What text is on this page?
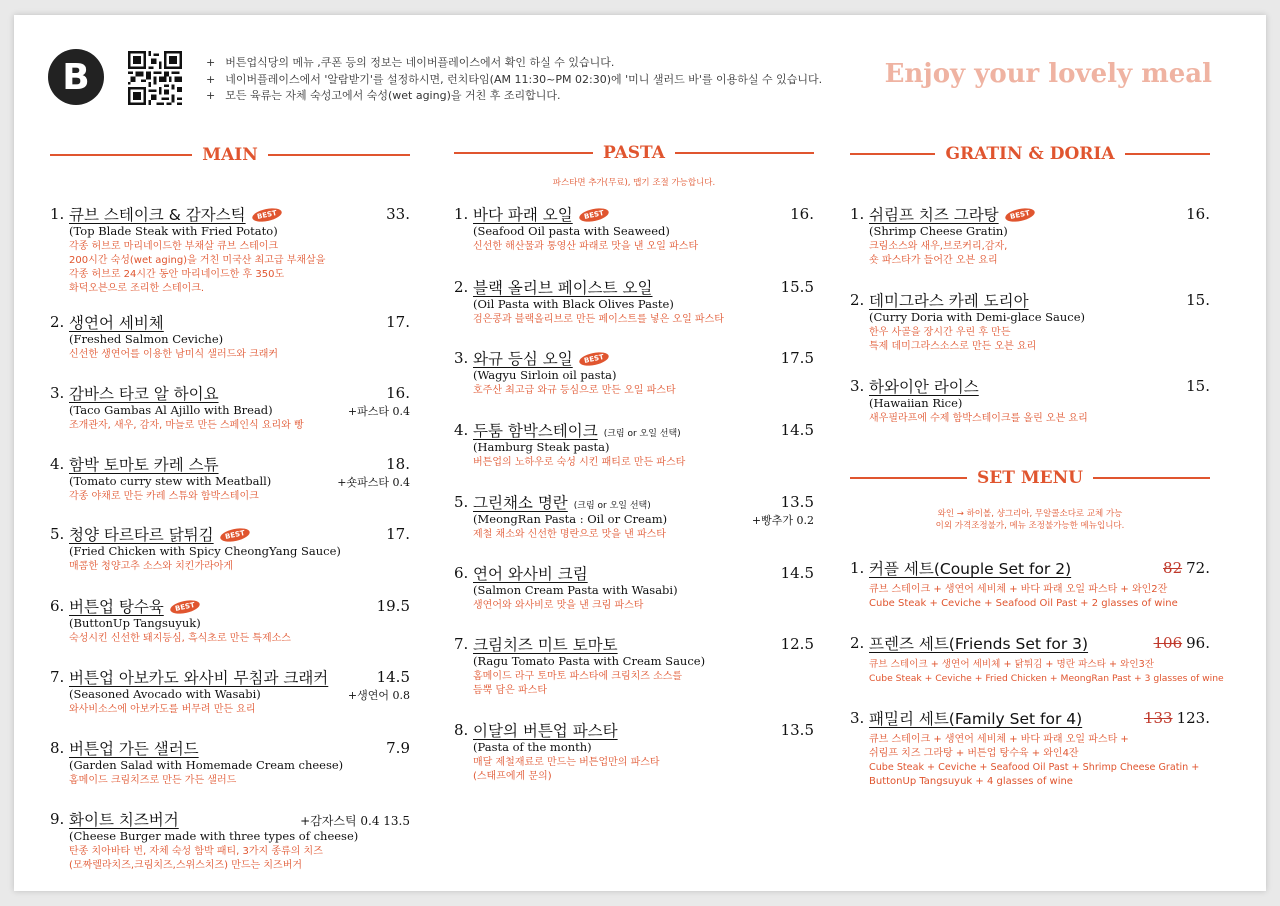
B
+	버튼업식당의 메뉴 ,쿠폰 등의 정보는 네이버플레이스에서 확인 하실 수 있습니다.
+ 네이버플레이스에서 '알람받기'를 설정하시면, 런치타임(AM 11:30~PM 02:30)에 '미니 샐러드 바'를 이용하실 수 있습니다.
+ 모든 육류는 자체 숙성고에서 숙성(wet aging)을 거친 후 조리합니다.
Enjoy your lovely meal
MAIN
1. 큐브 스테이크 & 감자스틱 BEST	33.
(Top Blade Steak with Fried Potato)
각종 허브로 마리네이드한 부채살 큐브 스테이크
200시간 숙성(wet aging)을 거친 미국산 최고급 부채살을
각종 허브로 24시간 동안 마리네이드한 후 350도
화덕오븐으로 조리한 스테이크.
2. 생연어 세비체	17.
(Freshed Salmon Ceviche)
신선한 생연어를 이용한 남미식 샐러드와 크래커
3. 감바스 타코 알 하이요	16.
+파스타 0.4
(Taco Gambas Al Ajillo with Bread)
조개관자, 새우, 감자, 마늘로 만든 스페인식 요리와 빵
4. 함박 토마토 카레 스튜	18.
+숏파스타 0.4
(Tomato curry stew with Meatball)
각종 야채로 만든 카레 스튜와 함박스테이크
5. 청양 타르타르 닭튀김 BEST	17.
(Fried Chicken with Spicy CheongYang Sauce)
매콤한 청양고추 소스와 치킨가라아게
6. 버튼업 탕수육 BEST	19.5
(ButtonUp Tangsuyuk)
숙성시킨 신선한 돼지등심, 흑식초로 만든 특제소스
7. 버튼업 아보카도 와사비 무침과 크래커	14.5
+생연어 0.8
(Seasoned Avocado with Wasabi)
와사비소스에 아보카도를 버무려 만든 요리
8. 버튼업 가든 샐러드	7.9
(Garden Salad with Homemade Cream cheese)
홈메이드 크림치즈로 만든 가든 샐러드
9. 화이트 치즈버거	+감자스틱 0.4 13.5
(Cheese Burger made with three types of cheese)
탄종 치아바타 번, 자체 숙성 함박 패티, 3가지 종류의 치즈
(모짜렐라치즈,크림치즈,스위스치즈) 만드는 치즈버거
PASTA
파스타면 추가(무료), 맵기 조절 가능합니다.
1. 바다 파래 오일 BEST	16.
(Seafood Oil pasta with Seaweed)
신선한 해산물과 통영산 파래로 맛을 낸 오일 파스타
2. 블랙 올리브 페이스트 오일	15.5
(Oil Pasta with Black Olives Paste)
검은콩과 블랙올리브로 만든 페이스트를 넣은 오일 파스타
3. 와규 등심 오일 BEST	17.5
(Wagyu Sirloin oil pasta)
호주산 최고급 와규 등심으로 만든 오일 파스타
4. 두툼 함박스테이크 (크림 or 오일 선택)	14.5
(Hamburg Steak pasta)
버튼업의 노하우로 숙성 시킨 패티로 만든 파스타
5. 그린채소 명란 (크림 or 오일 선택)	13.5
+빵추가 0.2
(MeongRan Pasta : Oil or Cream)
제철 채소와 신선한 명란으로 맛을 낸 파스타
6. 연어 와사비 크림	14.5
(Salmon Cream Pasta with Wasabi)
생연어와 와사비로 맛을 낸 크림 파스타
7. 크림치즈 미트 토마토	12.5
(Ragu Tomato Pasta with Cream Sauce)
홈메이드 라구 토마토 파스타에 크림치즈 소스를
듬뿍 담은 파스타
8. 이달의 버튼업 파스타	13.5
(Pasta of the month)
매달 제철재료로 만드는 버튼업만의 파스타
(스태프에게 문의)
GRATIN & DORIA
1. 쉬림프 치즈 그라탕 BEST	16.
(Shrimp Cheese Gratin)
크림소스와 새우,브로커리,감자,
숏 파스타가 들어간 오븐 요리
2. 데미그라스 카레 도리아	15.
(Curry Doria with Demi-glace Sauce)
한우 사골을 장시간 우린 후 만든
특제 데미그라스소스로 만든 오븐 요리
3. 하와이안 라이스	15.
(Hawaiian Rice)
새우필라프에 수제 함박스테이크를 올린 오븐 요리
SET MENU
와인 → 하이볼, 샹그리아, 무알콜소다로 교체 가능
이외 가격조정불가, 메뉴 조정불가능한 메뉴입니다.
1. 커플 세트(Couple Set for 2)	82 72.
큐브 스테이크 + 생연어 세비체 + 바다 파래 오일 파스타 + 와인2잔
Cube Steak + Ceviche + Seafood Oil Past + 2 glasses of wine
2. 프렌즈 세트(Friends Set for 3)	106 96.
큐브 스테이크 + 생연어 세비체 + 닭튀김 + 명란 파스타 + 와인3잔
Cube Steak + Ceviche + Fried Chicken + MeongRan Past + 3 glasses of wine
3. 패밀리 세트(Family Set for 4)	133 123.
큐브 스테이크 + 생연어 세비체 + 바다 파래 오일 파스타 +
쉬림프 치즈 그라탕 + 버튼업 탕수육 + 와인4잔
Cube Steak + Ceviche + Seafood Oil Past + Shrimp Cheese Gratin +
ButtonUp Tangsuyuk + 4 glasses of wine
